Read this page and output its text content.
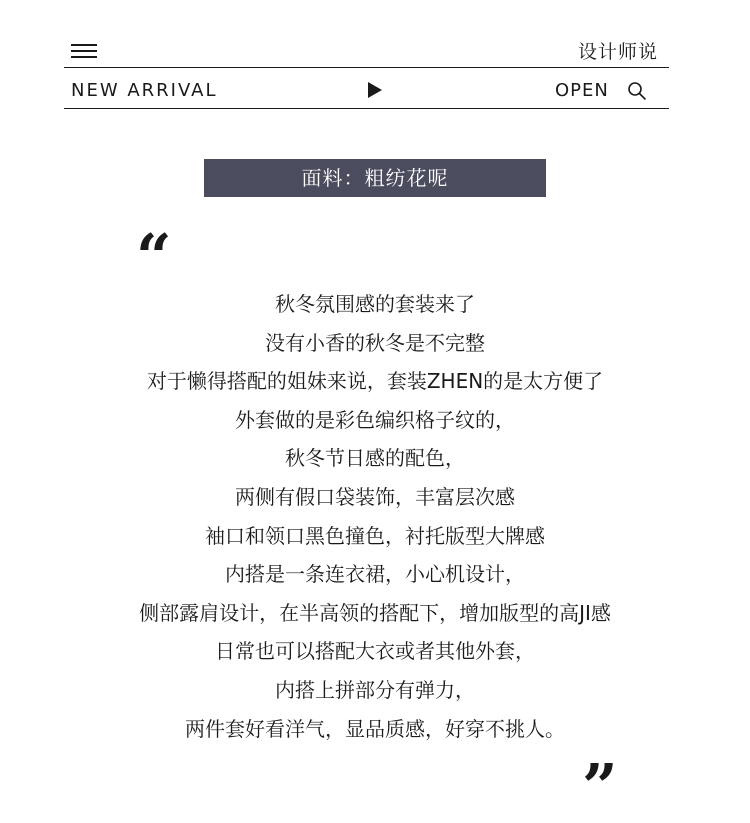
设计师说
NEW ARRIVAL	OPEN
面料：粗纺花呢
“
秋冬氛围感的套装来了
没有小香的秋冬是不完整
对于懒得搭配的姐妹来说，套装ZHEN的是太方便了
外套做的是彩色编织格子纹的，
秋冬节日感的配色，
两侧有假口袋装饰，丰富层次感
袖口和领口黑色撞色，衬托版型大牌感
内搭是一条连衣裙，小心机设计，
侧部露肩设计，在半高领的搭配下，增加版型的高JI感
日常也可以搭配大衣或者其他外套，
内搭上拼部分有弹力，
两件套好看洋气，显品质感，好穿不挑人。
”
